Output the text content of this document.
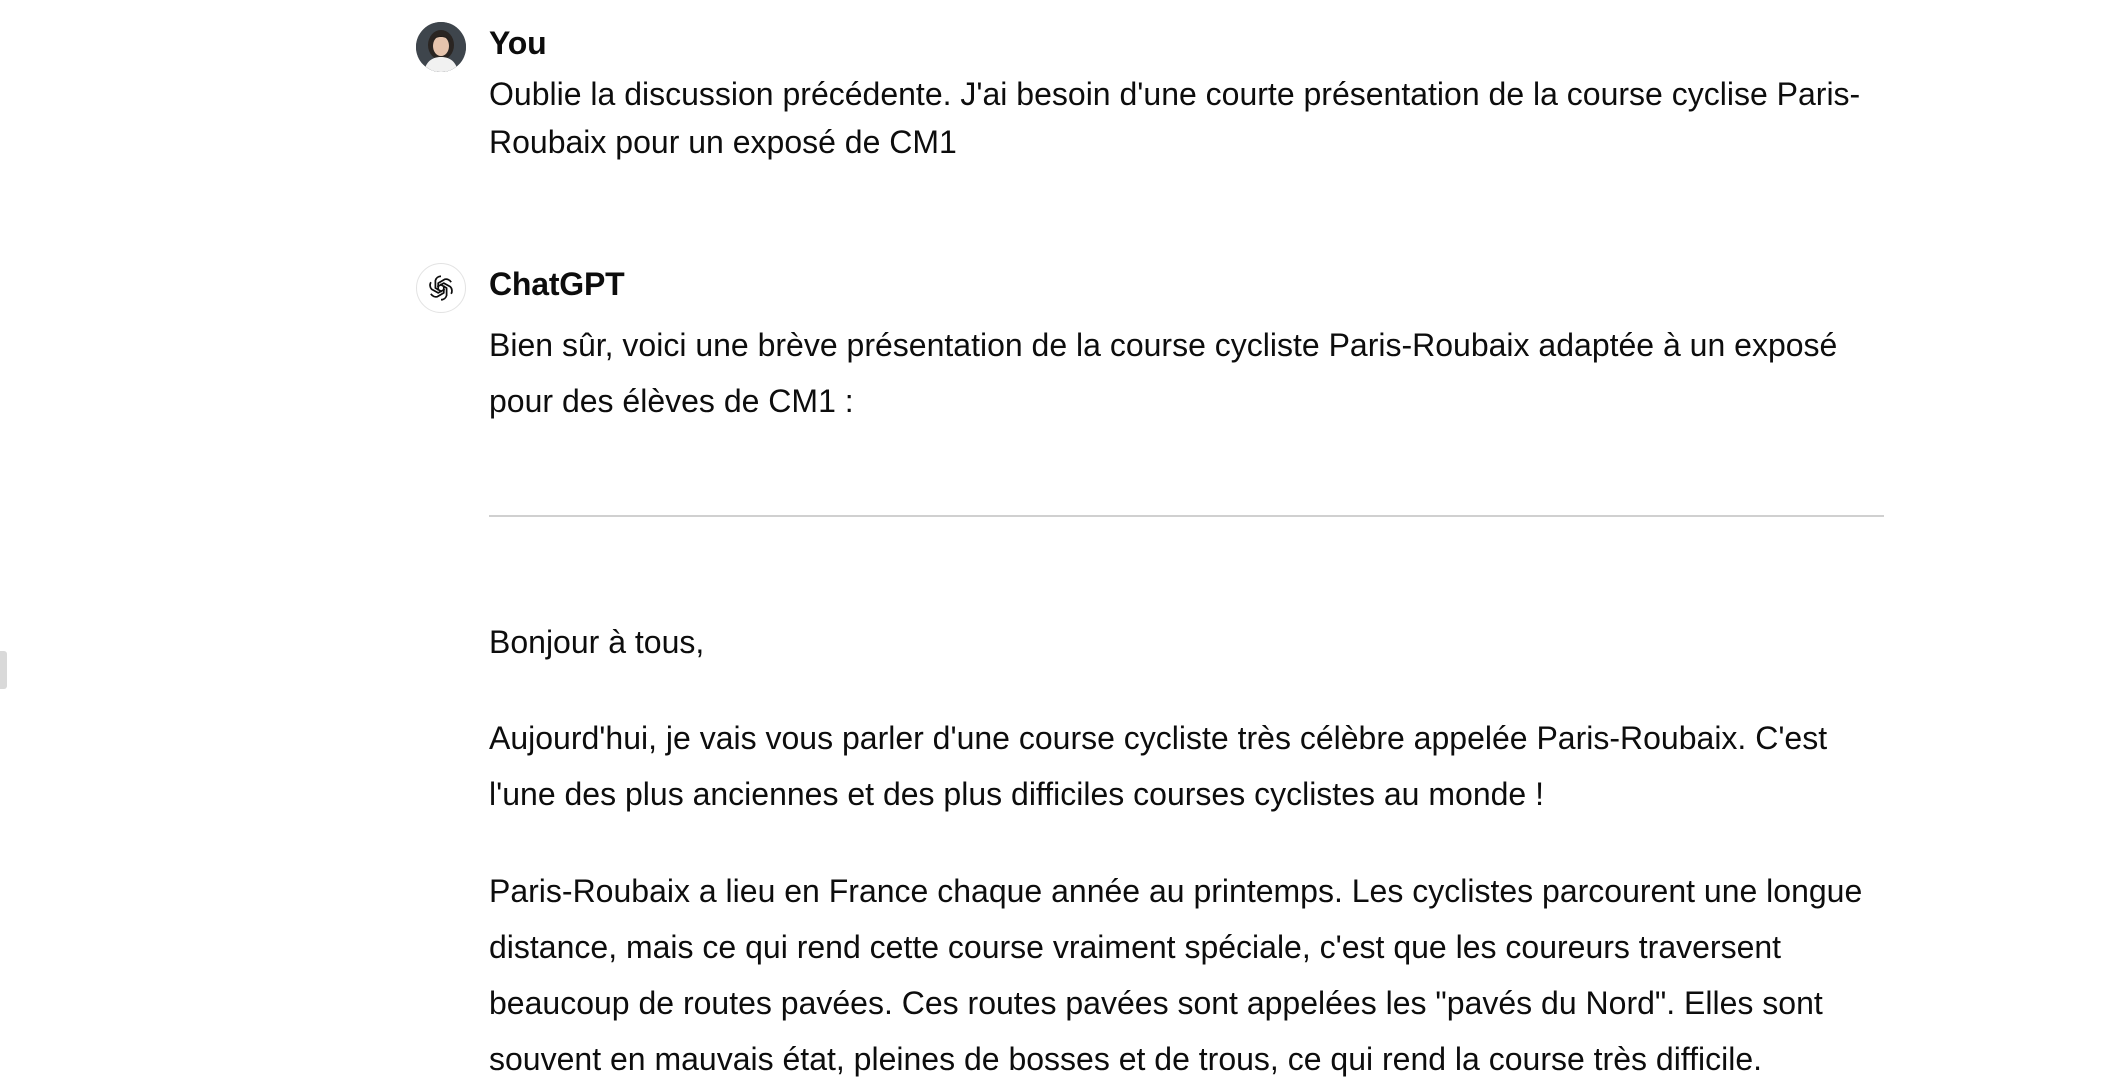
You

Oublie la discussion précédente. J'ai besoin d'une courte présentation de la course cyclise Paris-Roubaix pour un exposé de CM1

ChatGPT

Bien sûr, voici une brève présentation de la course cycliste Paris-Roubaix adaptée à un exposé pour des élèves de CM1 :

Bonjour à tous,

Aujourd'hui, je vais vous parler d'une course cycliste très célèbre appelée Paris-Roubaix. C'est l'une des plus anciennes et des plus difficiles courses cyclistes au monde !

Paris-Roubaix a lieu en France chaque année au printemps. Les cyclistes parcourent une longue distance, mais ce qui rend cette course vraiment spéciale, c'est que les coureurs traversent beaucoup de routes pavées. Ces routes pavées sont appelées les "pavés du Nord". Elles sont souvent en mauvais état, pleines de bosses et de trous, ce qui rend la course très difficile.
